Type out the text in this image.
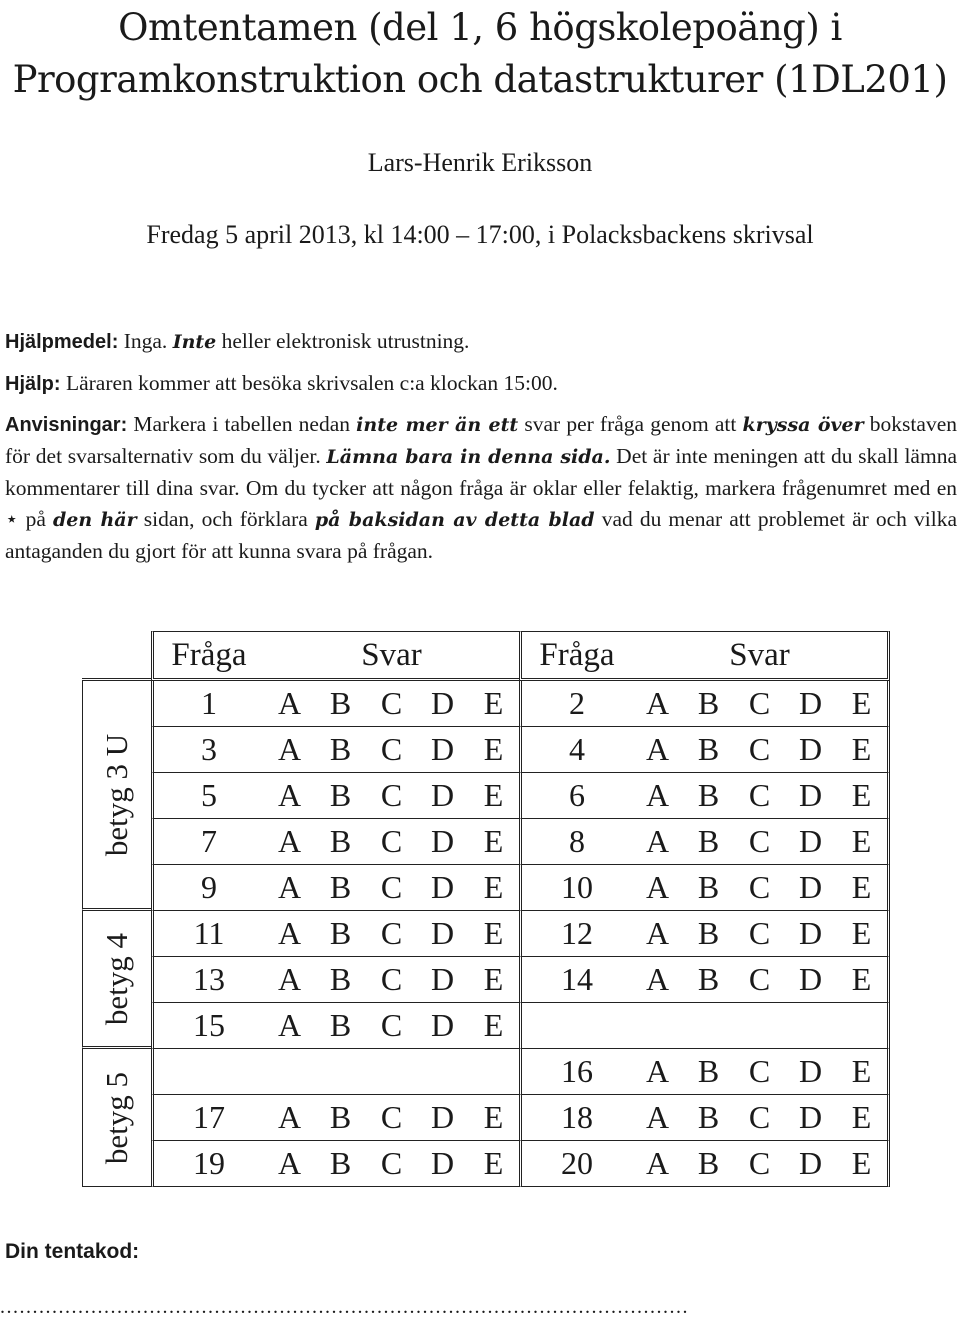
Omtentamen (del 1, 6 högskolepoäng) i
Programkonstruktion och datastrukturer (1DL201)
Lars-Henrik Eriksson
Fredag 5 april 2013, kl 14:00 – 17:00, i Polacksbackens skrivsal
Hjälpmedel: Inga. Inte heller elektronisk utrustning.
Hjälp: Läraren kommer att besöka skrivsalen c:a klockan 15:00.
Anvisningar: Markera i tabellen nedan inte mer än ett svar per fråga genom att kryssa över bokstaven för det svarsalternativ som du väljer. Lämna bara in denna sida. Det är inte meningen att du skall lämna kommentarer till dina svar. Om du tycker att någon fråga är oklar eller felaktig, markera frågenumret med en ⋆ på den här sidan, och förklara på baksidan av detta blad vad du menar att problemet är och vilka antaganden du gjort för att kunna svara på frågan.
	Fråga	Svar					Fråga	Svar				

betyg 3 U	1	A	B	C	D	E	2	A	B	C	D	E
	3	A	B	C	D	E	4	A	B	C	D	E
	5	A	B	C	D	E	6	A	B	C	D	E
	7	A	B	C	D	E	8	A	B	C	D	E
	9	A	B	C	D	E	10	A	B	C	D	E

betyg 4	11	A	B	C	D	E	12	A	B	C	D	E
	13	A	B	C	D	E	14	A	B	C	D	E
	15	A	B	C	D	E						

betyg 5							16	A	B	C	D	E
	17	A	B	C	D	E	18	A	B	C	D	E
	19	A	B	C	D	E	20	A	B	C	D	E
Din tentakod:
..........................................................................................................
